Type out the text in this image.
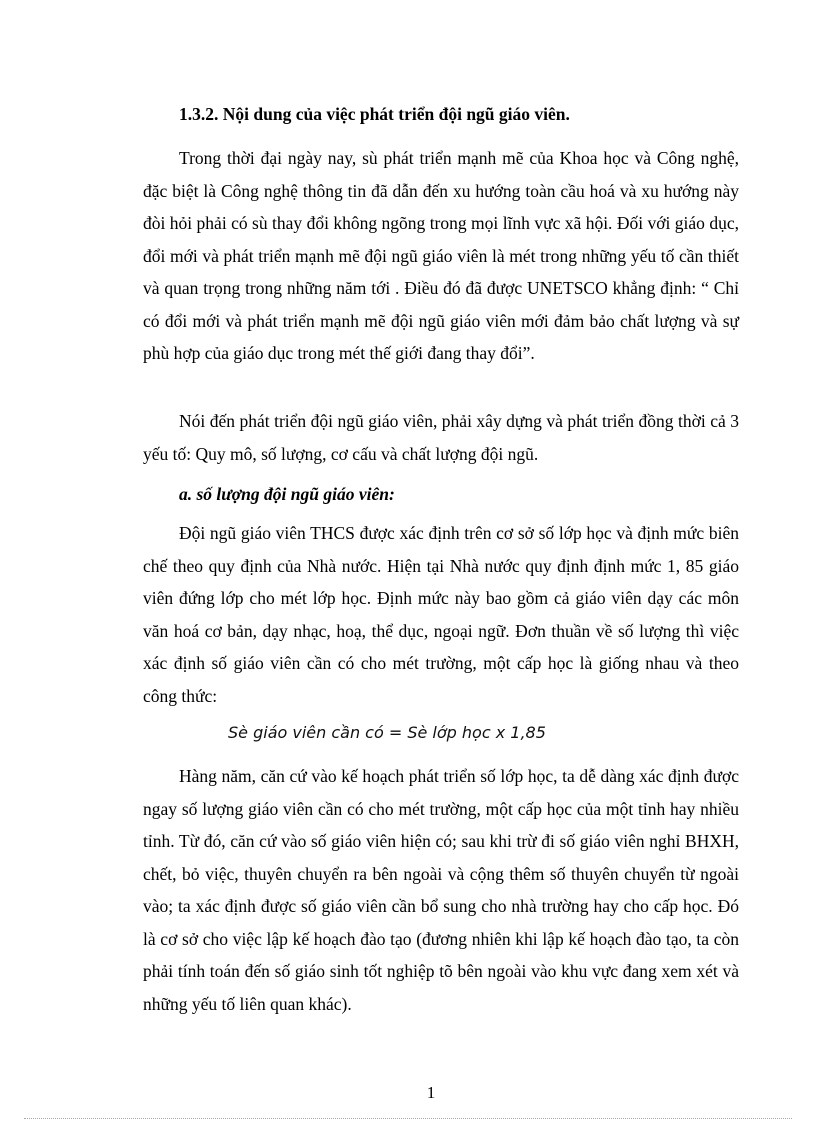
1.3.2. Nội dung của việc phát triển đội ngũ giáo viên.

Trong thời đại ngày nay, sù phát triển mạnh mẽ của Khoa học và Công nghệ, đặc biệt là Công nghệ thông tin đã dẫn đến xu hướng toàn cầu hoá và xu hướng này đòi hỏi phải có sù thay đổi không ngõng trong mọi lĩnh vực xã hội. Đối với giáo dục, đổi mới và phát triển mạnh mẽ đội ngũ giáo viên là mét trong những yếu tố cần thiết và quan trọng trong những năm tới . Điều đó đã được UNETSCO khẳng định: “ Chỉ có đổi mới và phát triển mạnh mẽ đội ngũ giáo viên mới đảm bảo chất lượng và sự phù hợp của giáo dục trong mét thế giới đang thay đổi”.

Nói đến phát triển đội ngũ giáo viên, phải xây dựng và phát triển đồng thời cả 3 yếu tố: Quy mô, số lượng, cơ cấu và chất lượng đội ngũ.

a. số lượng đội ngũ giáo viên:

Đội ngũ giáo viên THCS được xác định trên cơ sở số lớp học và định mức biên chế theo quy định của Nhà nước. Hiện tại Nhà nước quy định định mức 1, 85 giáo viên đứng lớp cho mét lớp học. Định mức này bao gồm cả giáo viên dạy các môn văn hoá cơ bản, dạy nhạc, hoạ, thể dục, ngoại ngữ. Đơn thuần về số lượng thì việc xác định số giáo viên cần có cho mét trường, một cấp học là giống nhau và theo công thức:

Sè giáo viên cần có = Sè lớp học x 1,85

Hàng năm, căn cứ vào kế hoạch phát triển số lớp học, ta dễ dàng xác định được ngay số lượng giáo viên cần có cho mét trường, một cấp học của một tỉnh hay nhiều tỉnh. Từ đó, căn cứ vào số giáo viên hiện có; sau khi trừ đi số giáo viên nghỉ BHXH, chết, bỏ việc, thuyên chuyển ra bên ngoài và cộng thêm số thuyên chuyển từ ngoài vào; ta xác định được số giáo viên cần bổ sung cho nhà trường hay cho cấp học. Đó là cơ sở cho việc lập kế hoạch đào tạo (đương nhiên khi lập kế hoạch đào tạo, ta còn phải tính toán đến số giáo sinh tốt nghiệp tõ bên ngoài vào khu vực đang xem xét và những yếu tố liên quan khác).

1
